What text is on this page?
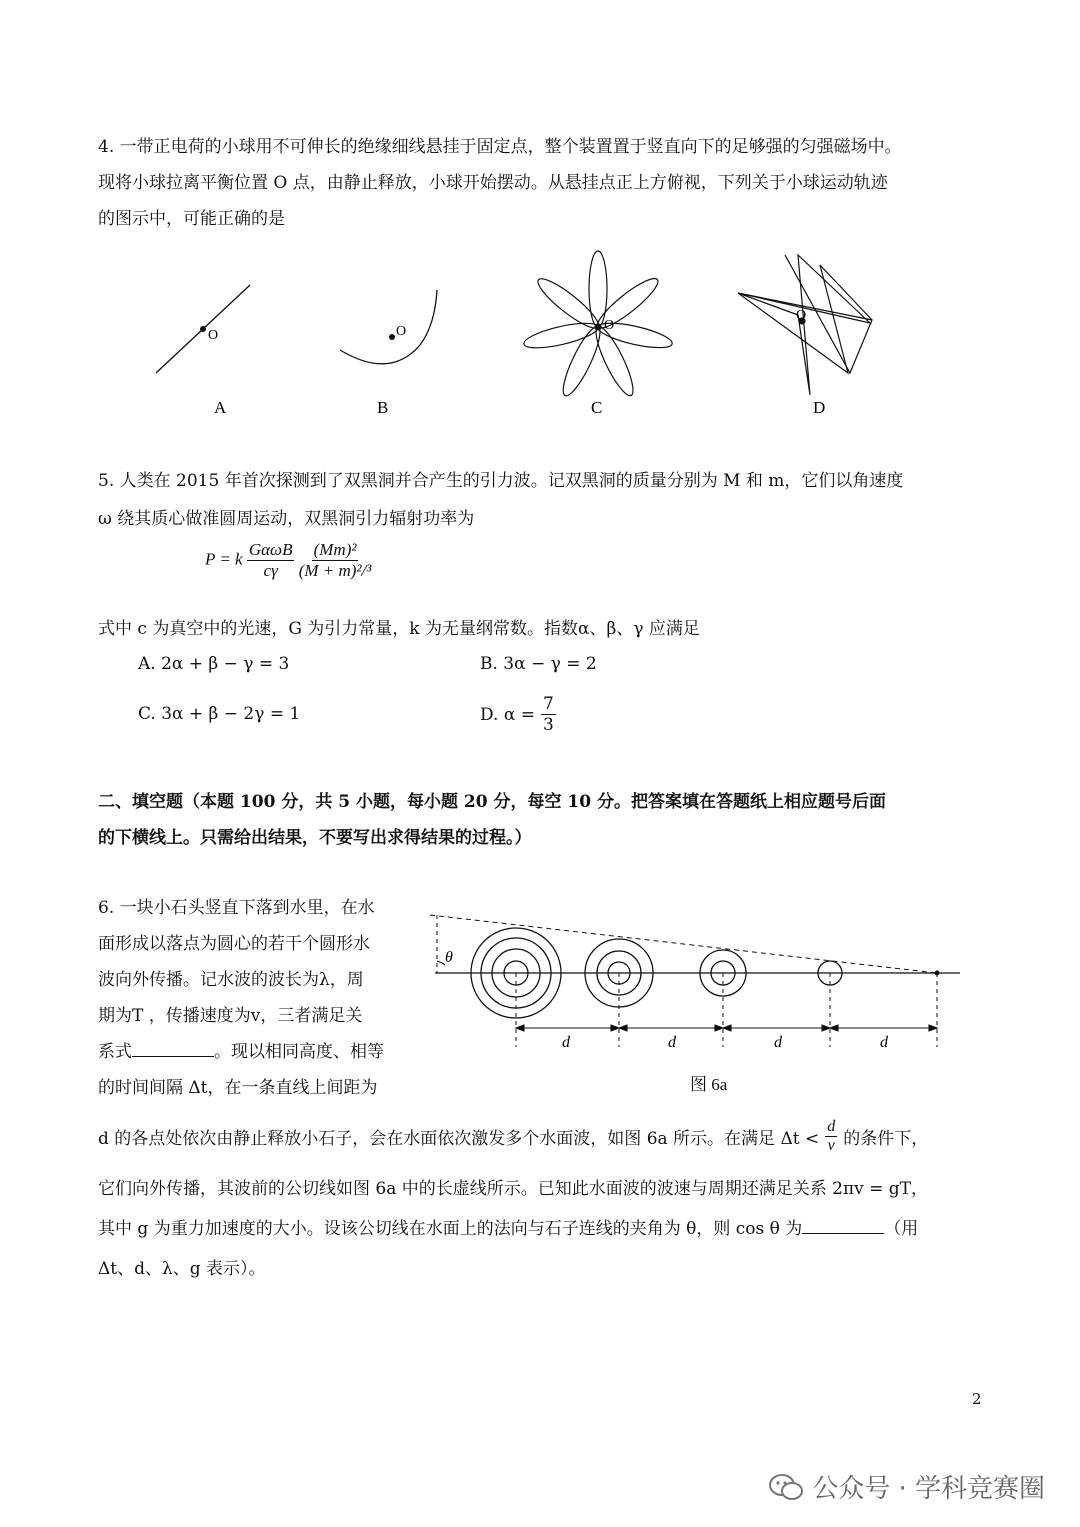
4. 一带正电荷的小球用不可伸长的绝缘细线悬挂于固定点，整个装置置于竖直向下的足够强的匀强磁场中。
现将小球拉离平衡位置 O 点，由静止释放，小球开始摆动。从悬挂点正上方俯视，下列关于小球运动轨迹
的图示中，可能正确的是
O	O	O
O
A	B	C	D
5. 人类在 2015 年首次探测到了双黑洞并合产生的引力波。记双黑洞的质量分别为 M 和 m，它们以角速度
ω 绕其质心做准圆周运动，双黑洞引力辐射功率为
P = k $\frac{\text{GαωΒ}}{c\gamma}$
$\frac{\text{(Mm)²}}{\text{(M + m)²/³}}$
式中 c 为真空中的光速，G 为引力常量，k 为无量纲常数。指数α、β、γ 应满足
A. 2α + β − γ = 3	B. 3α − γ = 2
C. 3α + β − 2γ = 1	D. $\alpha = \frac{7}{3}$
二、填空题（本题 100 分，共 5 小题，每小题 20 分，每空 10 分。把答案填在答题纸上相应题号后面
的下横线上。只需给出结果，不要写出求得结果的过程。）
6. 一块小石头竖直下落到水里，在水
面形成以落点为圆心的若干个圆形水
波向外传播。记水波的波长为λ，周
期为T ，传播速度为v，三者满足关
系式	。现以相同高度、相等
的时间间隔 Δt，在一条直线上间距为
θ
d	d	d	d
图 6a
d 的各点处依次由静止释放小石子，会在水面依次激发多个水面波，如图 6a 所示。在满足 $\Delta t < \frac{d}{v}$ 的条件下，
它们向外传播，其波前的公切线如图 6a 中的长虚线所示。已知此水面波的波速与周期还满足关系 2πv = gT，
其中 g 为重力加速度的大小。设该公切线在水面上的法向与石子连线的夹角为 θ，则 cos θ 为	（用
Δt、d、λ、g 表示）。
2
公众号 · 学科竞赛圈
